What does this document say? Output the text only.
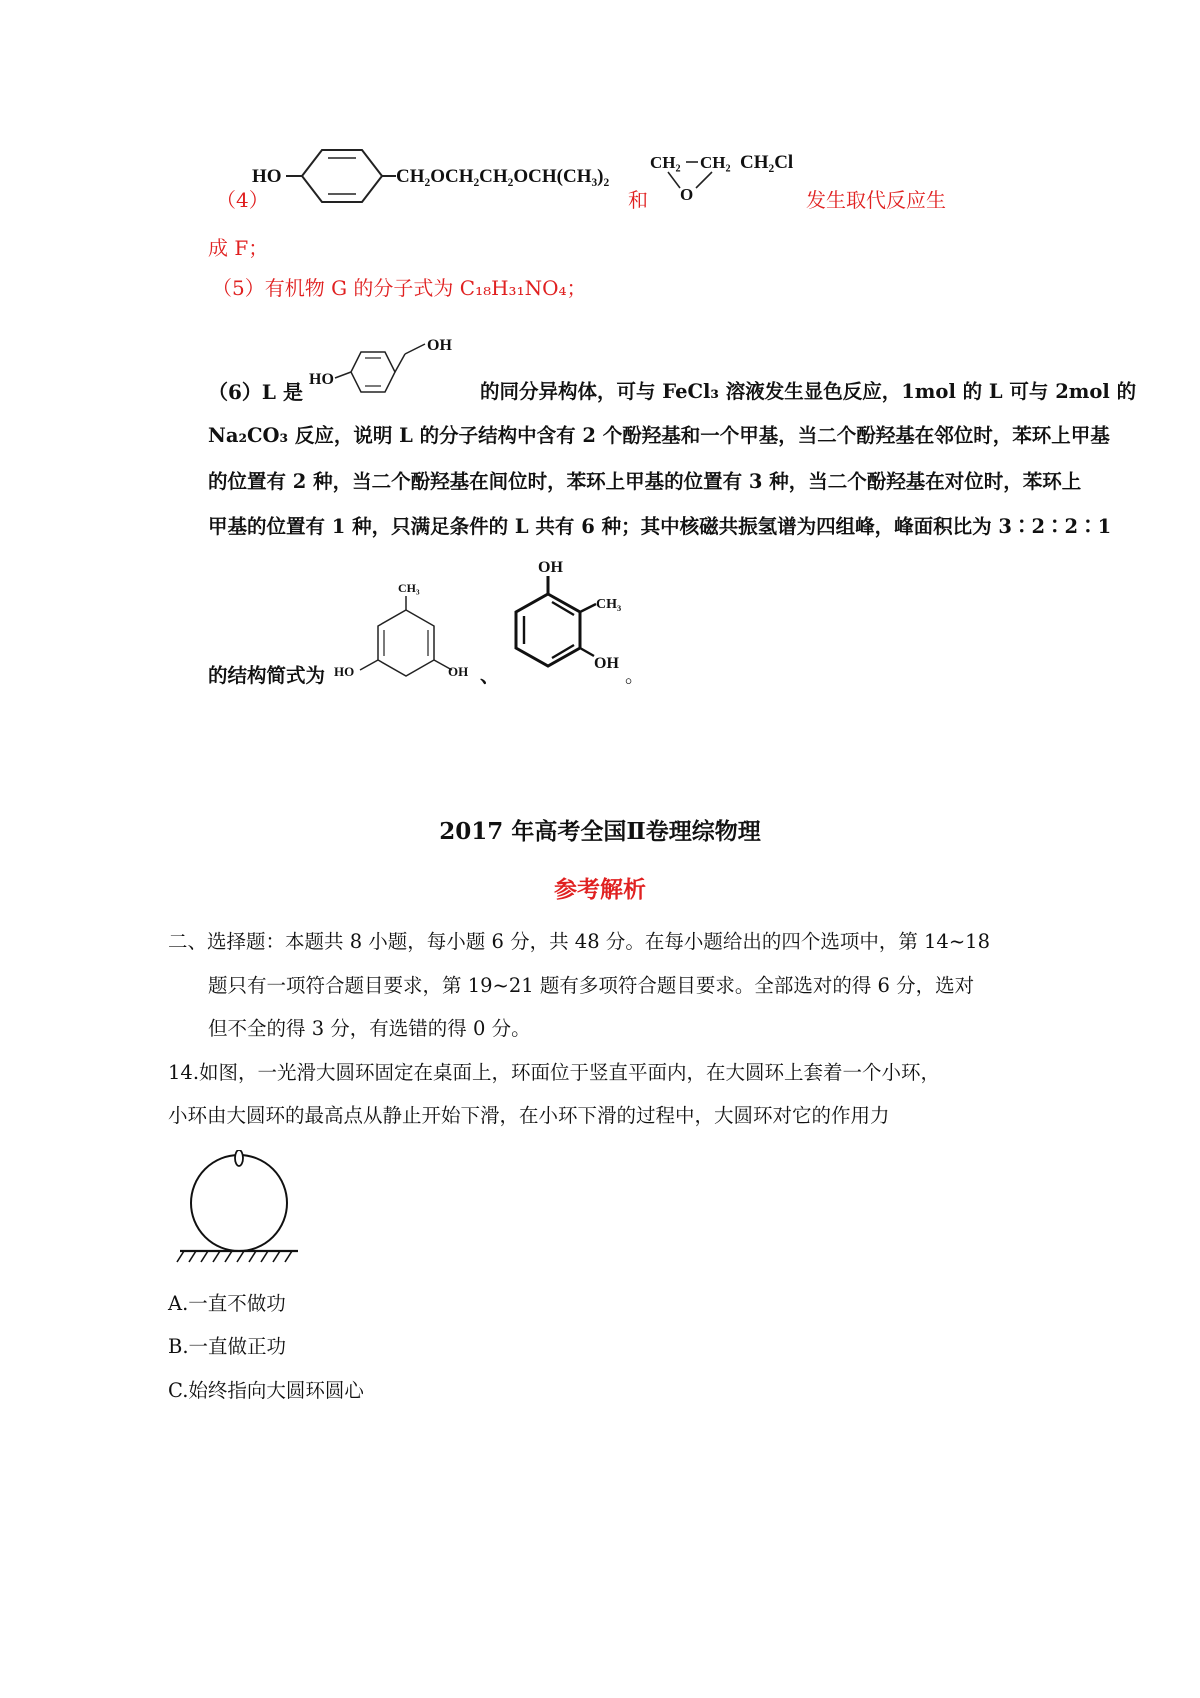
（4）
HO	CH₂OCH₂CH₂OCH(CH₃)₂
和
CH₂ CH₂ CH₂Cl
O	发生取代反应生
成 F；
（5）有机物 G 的分子式为 C₁₈H₃₁NO₄；
（6）L 是
HO
OH
的同分异构体，可与 FeCl₃ 溶液发生显色反应，1mol 的 L 可与 2mol 的
Na₂CO₃ 反应，说明 L 的分子结构中含有 2 个酚羟基和一个甲基，当二个酚羟基在邻位时，苯环上甲基
的位置有 2 种，当二个酚羟基在间位时，苯环上甲基的位置有 3 种，当二个酚羟基在对位时，苯环上
甲基的位置有 1 种，只满足条件的 L 共有 6 种；其中核磁共振氢谱为四组峰，峰面积比为 3∶2∶2∶1
的结构简式为
CH₃
HO	OH 、
OH
CH₃
OH
。
2017 年高考全国Ⅱ卷理综物理
参考解析
二、选择题：本题共 8 小题，每小题 6 分，共 48 分。在每小题给出的四个选项中，第 14~18
题只有一项符合题目要求，第 19~21 题有多项符合题目要求。全部选对的得 6 分，选对
但不全的得 3 分，有选错的得 0 分。
14.如图，一光滑大圆环固定在桌面上，环面位于竖直平面内，在大圆环上套着一个小环，
小环由大圆环的最高点从静止开始下滑，在小环下滑的过程中，大圆环对它的作用力
A.一直不做功
B.一直做正功
C.始终指向大圆环圆心
